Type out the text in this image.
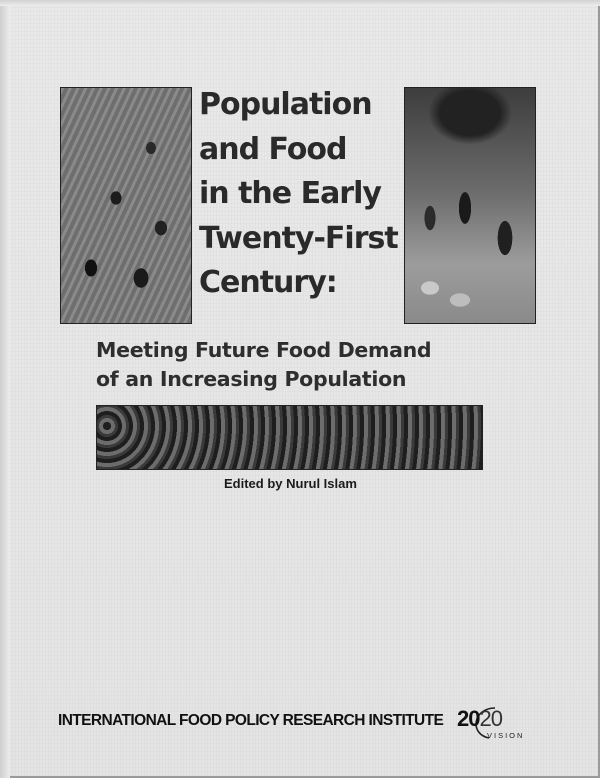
Population
and Food
in the Early
Twenty-First
Century:
Meeting Future Food Demand
of an Increasing Population
Edited by Nurul Islam
INTERNATIONAL FOOD POLICY RESEARCH INSTITUTE 2020
VISION
